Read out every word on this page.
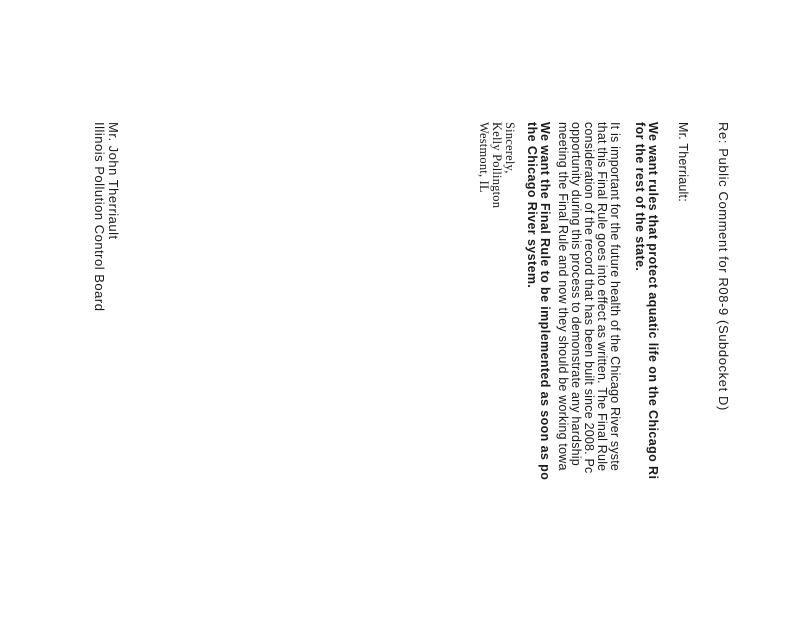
Re: Public Comment for R08-9 (Subdocket D)
Mr. Therriault:
We want rules that protect aquatic life on the Chicago Ri
for the rest of the state.
It is important for the future health of the Chicago River syste
that this Final Rule goes into effect as written. The Final Rule
consideration of the record that has been built since 2008. Pc
opportunity during this process to demonstrate any hardship
meeting the Final Rule and now they should be working towa
We want the Final Rule to be implemented as soon as po
the Chicago River system.
Sincerely,
Kelly Pollington
Westmont, IL
Mr. John Therriault
Illinois Pollution Control Board
